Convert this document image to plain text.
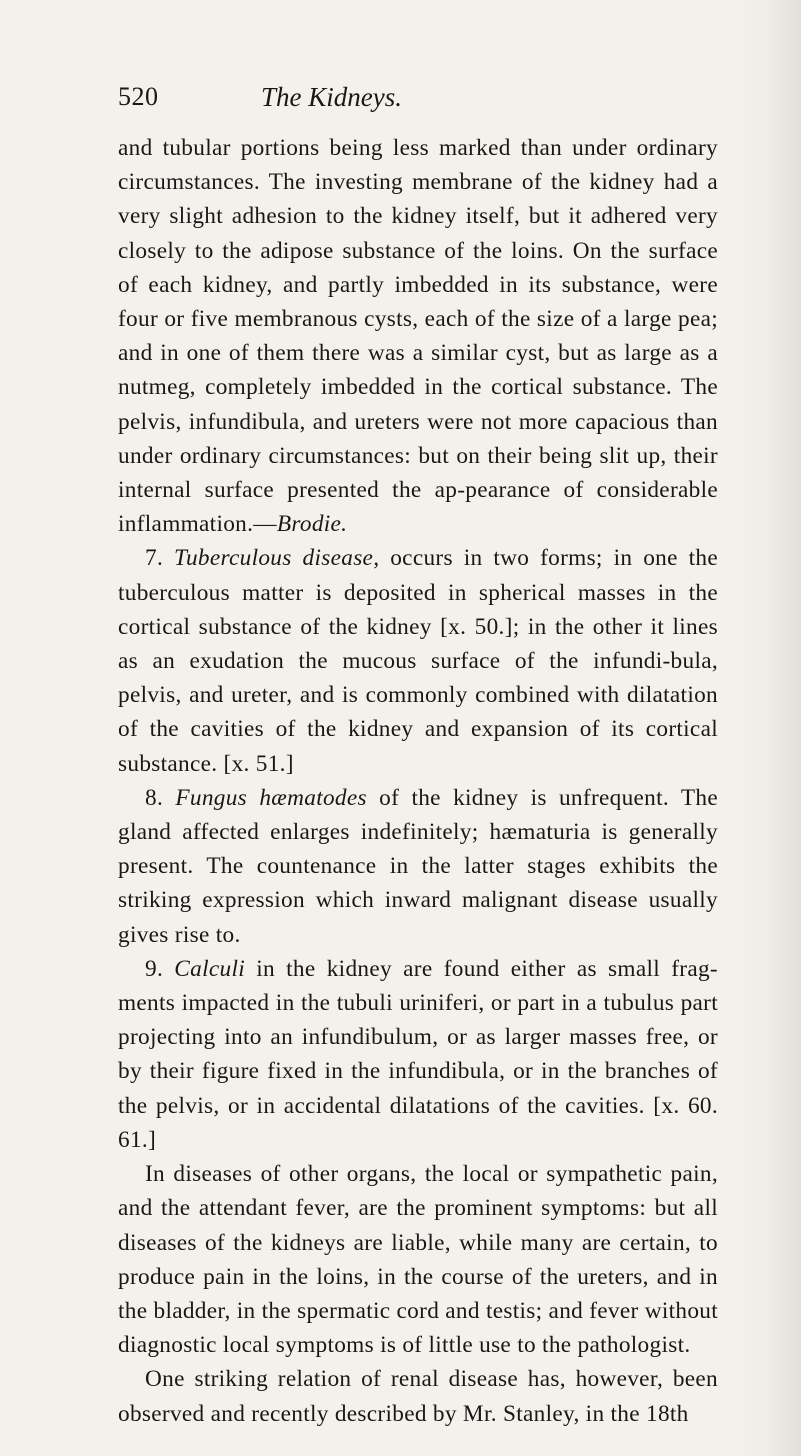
520	The Kidneys.

and tubular portions being less marked than under ordinary circumstances. The investing membrane of the kidney had a very slight adhesion to the kidney itself, but it adhered very closely to the adipose substance of the loins. On the surface of each kidney, and partly imbedded in its substance, were four or five membranous cysts, each of the size of a large pea; and in one of them there was a similar cyst, but as large as a nutmeg, completely imbedded in the cortical substance. The pelvis, infundibula, and ureters were not more capacious than under ordinary circumstances: but on their being slit up, their internal surface presented the ap-pearance of considerable inflammation.—Brodie.

7. Tuberculous disease, occurs in two forms; in one the tuberculous matter is deposited in spherical masses in the cortical substance of the kidney [x. 50.]; in the other it lines as an exudation the mucous surface of the infundi-bula, pelvis, and ureter, and is commonly combined with dilatation of the cavities of the kidney and expansion of its cortical substance. [x. 51.]

8. Fungus hæmatodes of the kidney is unfrequent. The gland affected enlarges indefinitely; hæmaturia is generally present. The countenance in the latter stages exhibits the striking expression which inward malignant disease usually gives rise to.

9. Calculi in the kidney are found either as small frag-ments impacted in the tubuli uriniferi, or part in a tubulus part projecting into an infundibulum, or as larger masses free, or by their figure fixed in the infundibula, or in the branches of the pelvis, or in accidental dilatations of the cavities. [x. 60. 61.]

In diseases of other organs, the local or sympathetic pain, and the attendant fever, are the prominent symptoms: but all diseases of the kidneys are liable, while many are certain, to produce pain in the loins, in the course of the ureters, and in the bladder, in the spermatic cord and testis; and fever without diagnostic local symptoms is of little use to the pathologist.

One striking relation of renal disease has, however, been observed and recently described by Mr. Stanley, in the 18th
